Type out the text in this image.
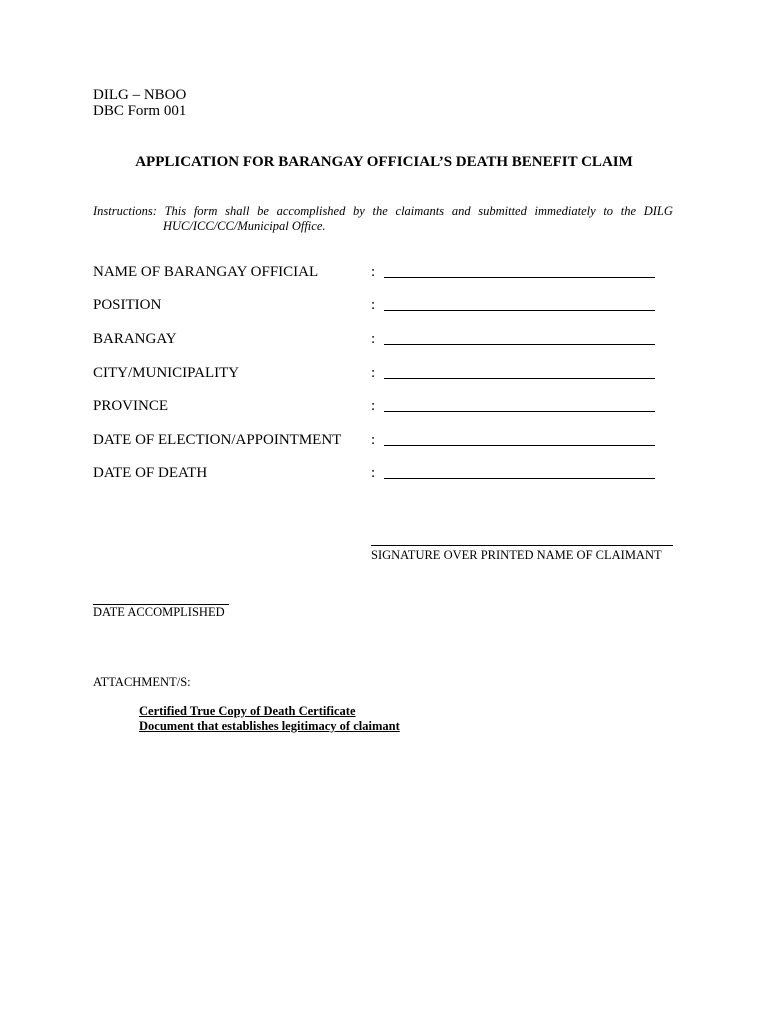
DILG – NBOO
DBC Form 001
APPLICATION FOR BARANGAY OFFICIAL’S DEATH BENEFIT CLAIM
Instructions: This form shall be accomplished by the claimants and submitted immediately to the DILG
HUC/ICC/CC/Municipal Office.
NAME OF BARANGAY OFFICIAL	:
POSITION	:
BARANGAY	:
CITY/MUNICIPALITY	:
PROVINCE	:
DATE OF ELECTION/APPOINTMENT :
DATE OF DEATH	:
SIGNATURE OVER PRINTED NAME OF CLAIMANT
DATE ACCOMPLISHED
ATTACHMENT/S:
Certified True Copy of Death Certificate
Document that establishes legitimacy of claimant
